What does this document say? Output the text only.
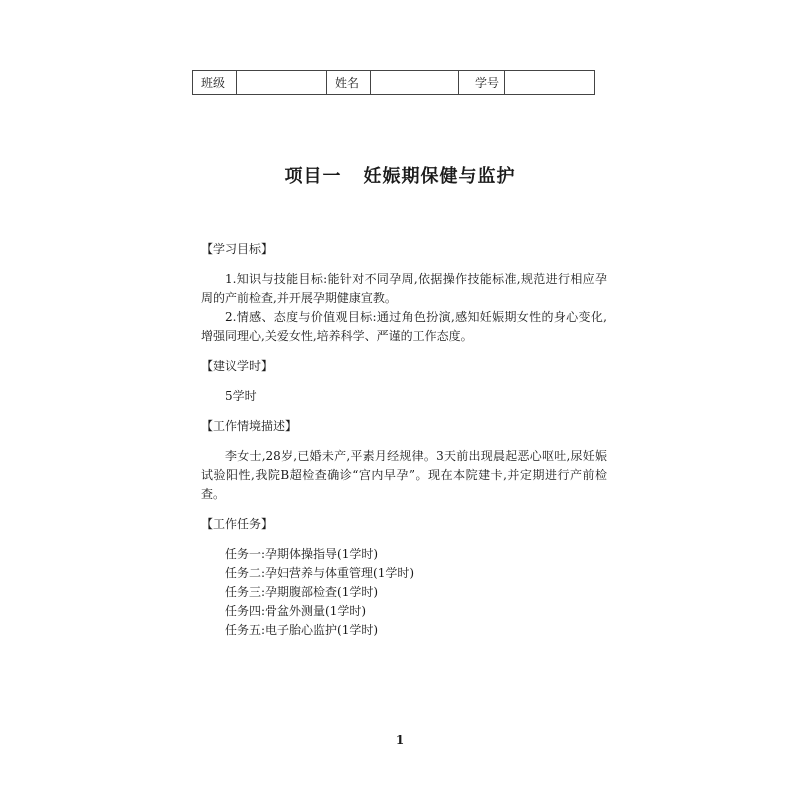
班级		姓名		学号	
项目一 妊娠期保健与监护

【学习目标】

1.知识与技能目标:能针对不同孕周,依据操作技能标准,规范进行相应孕周的产前检查,并开展孕期健康宣教。

2.情感、态度与价值观目标:通过角色扮演,感知妊娠期女性的身心变化,增强同理心,关爱女性,培养科学、严谨的工作态度。

【建议学时】

5学时

【工作情境描述】

李女士,28岁,已婚未产,平素月经规律。3天前出现晨起恶心呕吐,尿妊娠试验阳性,我院B超检查确诊“宫内早孕”。现在本院建卡,并定期进行产前检查。

【工作任务】

任务一:孕期体操指导(1学时)

任务二:孕妇营养与体重管理(1学时)

任务三:孕期腹部检查(1学时)

任务四:骨盆外测量(1学时)

任务五:电子胎心监护(1学时)

1
